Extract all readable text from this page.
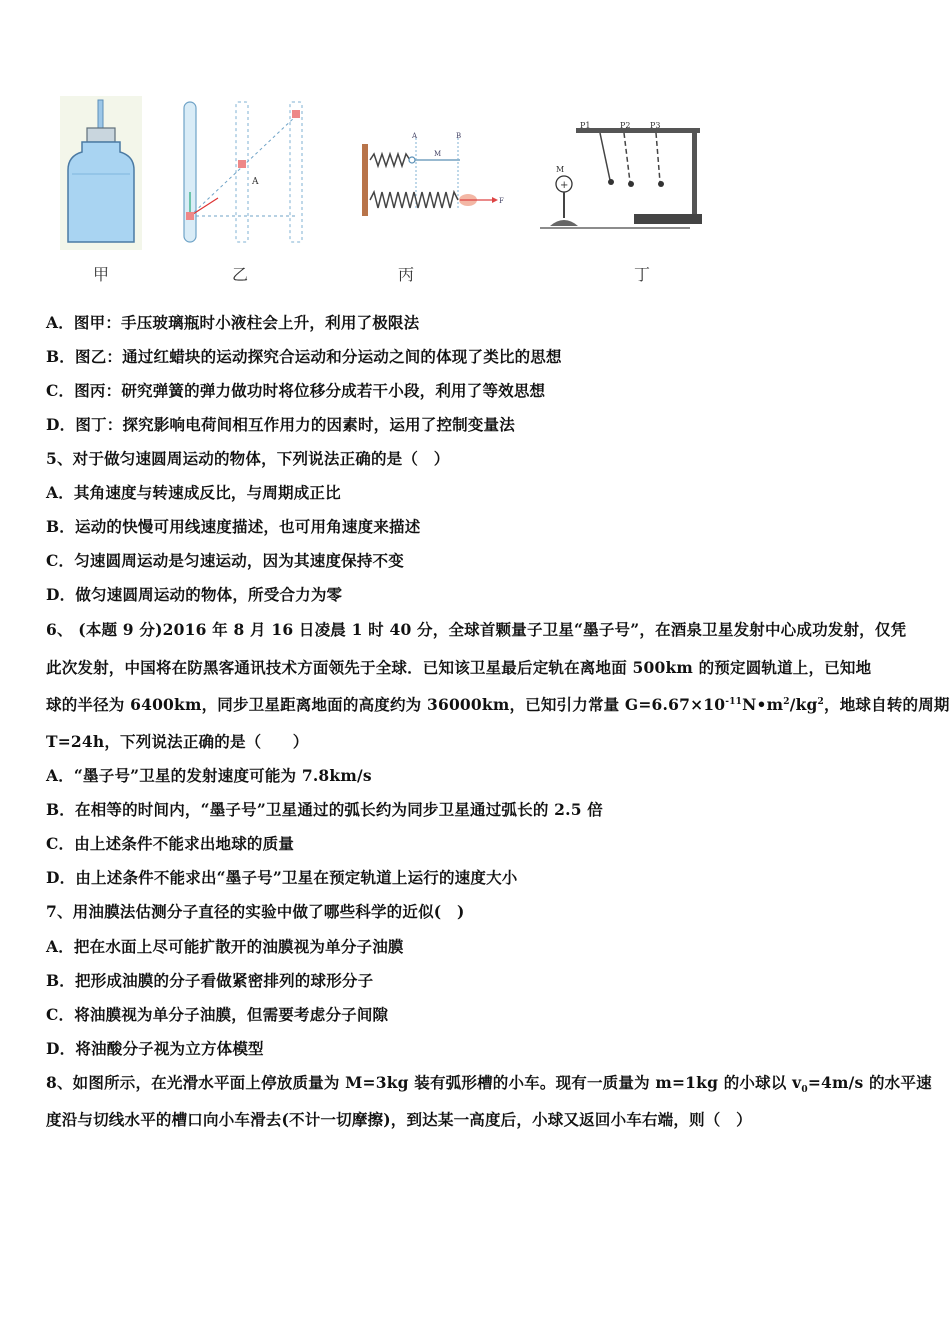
A
A	B
M
F
P1	P2 P3
+
M
甲	乙	丙	丁
A．图甲：手压玻璃瓶时小液柱会上升，利用了极限法
B．图乙：通过红蜡块的运动探究合运动和分运动之间的体现了类比的思想
C．图丙：研究弹簧的弹力做功时将位移分成若干小段，利用了等效思想
D．图丁：探究影响电荷间相互作用力的因素时，运用了控制变量法
5、对于做匀速圆周运动的物体，下列说法正确的是（　）
A．其角速度与转速成反比，与周期成正比
B．运动的快慢可用线速度描述，也可用角速度来描述
C．匀速圆周运动是匀速运动，因为其速度保持不变
D．做匀速圆周运动的物体，所受合力为零
6、 (本题 9 分)2016 年 8 月 16 日凌晨 1 时 40 分，全球首颗量子卫星“墨子号”，在酒泉卫星发射中心成功发射，仅凭
此次发射，中国将在防黑客通讯技术方面领先于全球．已知该卫星最后定轨在离地面 500km 的预定圆轨道上，已知地
球的半径为 6400km，同步卫星距离地面的高度约为 36000km，已知引力常量 $G=6.67\times 10^{-11}N•m^2/kg^2$，地球自转的周期
T=24h，下列说法正确的是（　　）
A．“墨子号”卫星的发射速度可能为 7.8km/s
B．在相等的时间内，“墨子号”卫星通过的弧长约为同步卫星通过弧长的 2.5 倍
C．由上述条件不能求出地球的质量
D．由上述条件不能求出“墨子号”卫星在预定轨道上运行的速度大小
7、用油膜法估测分子直径的实验中做了哪些科学的近似(　)
A．把在水面上尽可能扩散开的油膜视为单分子油膜
B．把形成油膜的分子看做紧密排列的球形分子
C．将油膜视为单分子油膜，但需要考虑分子间隙
D．将油酸分子视为立方体模型
8、如图所示，在光滑水平面上停放质量为 M=3kg 装有弧形槽的小车。现有一质量为 m=1kg 的小球以 $v_0=4m/s$ 的水平速
度沿与切线水平的槽口向小车滑去(不计一切摩擦)，到达某一高度后，小球又返回小车右端，则（　）
